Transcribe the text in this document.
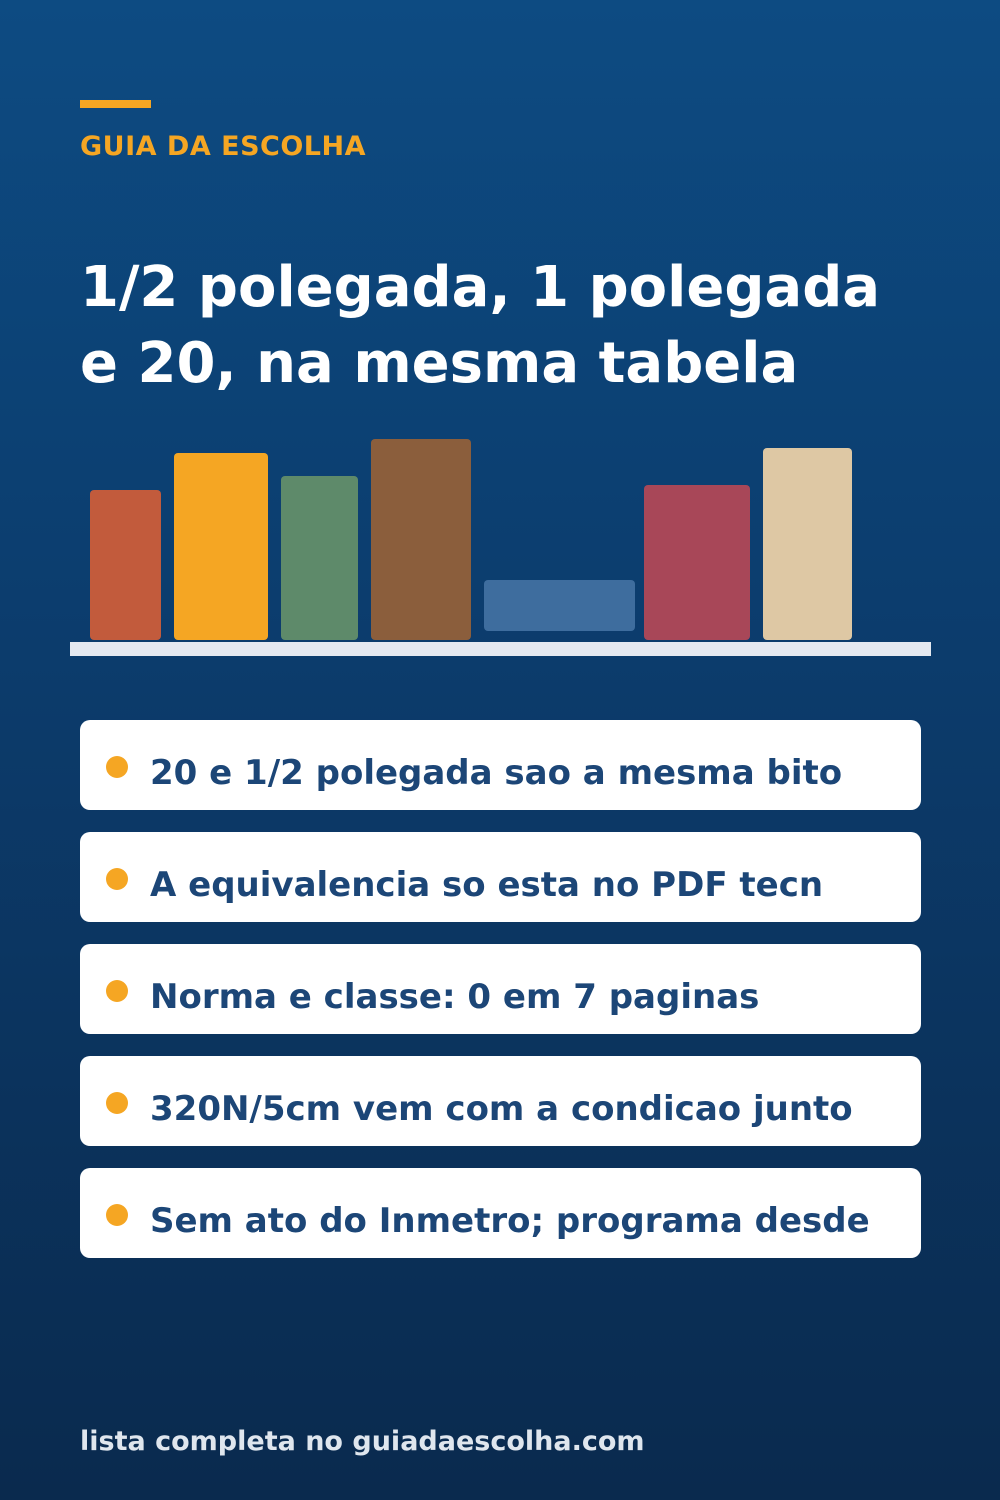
GUIA DA ESCOLHA
1/2 polegada, 1 polegada
e 20, na mesma tabela
20 e 1/2 polegada sao a mesma bito
A equivalencia so esta no PDF tecn
Norma e classe: 0 em 7 paginas
320N/5cm vem com a condicao junto
Sem ato do Inmetro; programa desde
lista completa no guiadaescolha.com
